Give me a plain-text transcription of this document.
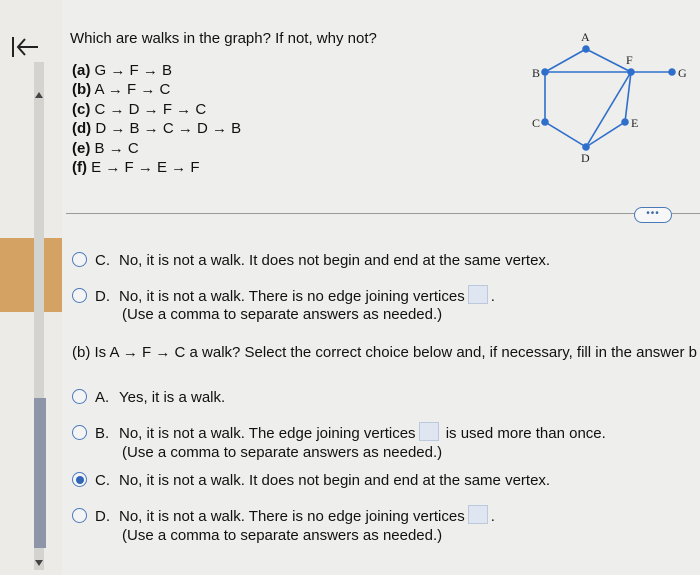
Which are walks in the graph? If not, why not?
(a) G → F → B
(b) A → F → C
(c) C → D → F → C
(d) D → B → C → D → B
(e) B → C
(f) E → F → E → F
A
B
C
D
E
F
G
•••
C. No, it is not a walk. It does not begin and end at the same vertex.
D. No, it is not a walk. There is no edge joining vertices .
(Use a comma to separate answers as needed.)
(b) Is A → F → C a walk? Select the correct choice below and, if necessary, fill in the answer b
A. Yes, it is a walk.
B. No, it is not a walk. The edge joining vertices is used more than once.
(Use a comma to separate answers as needed.)
C. No, it is not a walk. It does not begin and end at the same vertex.
D. No, it is not a walk. There is no edge joining vertices .
(Use a comma to separate answers as needed.)
